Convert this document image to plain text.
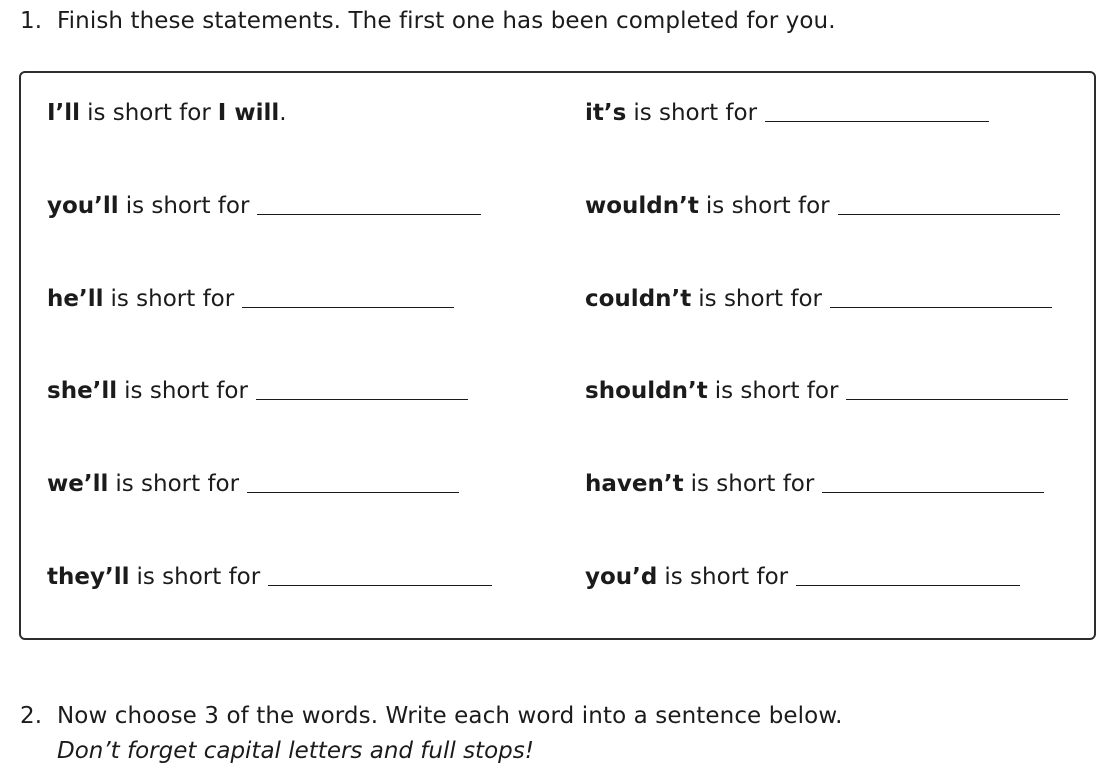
1. Finish these statements. The first one has been completed for you.
I’ll is short for I will .
you’ll is short for
he’ll is short for
she’ll is short for
we’ll is short for
they’ll is short for
it’s is short for
wouldn’t is short for
couldn’t is short for
shouldn’t is short for
haven’t is short for
you’d is short for
2. Now choose 3 of the words. Write each word into a sentence below.
Don’t forget capital letters and full stops!
